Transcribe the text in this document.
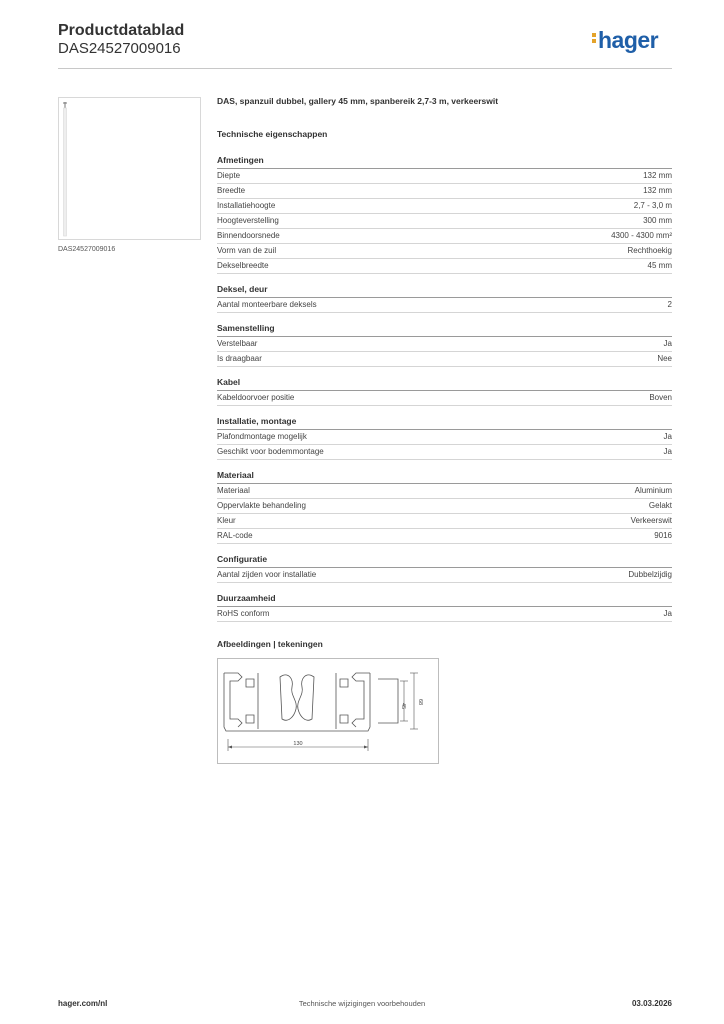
Productdatablad
DAS24527009016	hager
DAS24527009016
DAS, spanzuil dubbel, gallery 45 mm, spanbereik 2,7-3 m, verkeerswit
Technische eigenschappen
Afmetingen
Diepte	132 mm
Breedte	132 mm
Installatiehoogte	2,7 - 3,0 m
Hoogteverstelling	300 mm
Binnendoorsnede	4300 - 4300 mm²
Vorm van de zuil	Rechthoekig
Dekselbreedte	45 mm
Deksel, deur
Aantal monteerbare deksels	2
Samenstelling
Verstelbaar	Ja
Is draagbaar	Nee
Kabel
Kabeldoorvoer positie	Boven
Installatie, montage
Plafondmontage mogelijk	Ja
Geschikt voor bodemmontage	Ja
Materiaal
Materiaal	Aluminium
Oppervlakte behandeling	Gelakt
Kleur	Verkeerswit
RAL-code	9016
Configuratie
Aantal zijden voor installatie	Dubbelzijdig
Duurzaamheid
RoHS conform	Ja
Afbeeldingen | tekeningen
130
45
68
hager.com/nl	Technische wijzigingen voorbehouden	03.03.2026
